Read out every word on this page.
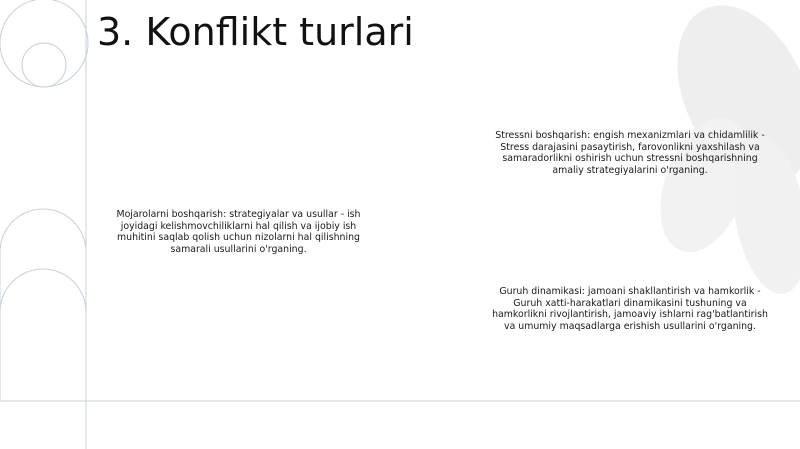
3. Konflikt turlari

Stressni boshqarish: engish mexanizmlari va chidamlilik - Stress darajasini pasaytirish, farovonlikni yaxshilash va samaradorlikni oshirish uchun stressni boshqarishning amaliy strategiyalarini o'rganing.

Mojarolarni boshqarish: strategiyalar va usullar - ish joyidagi kelishmovchiliklarni hal qilish va ijobiy ish muhitini saqlab qolish uchun nizolarni hal qilishning samarali usullarini o'rganing.

Guruh dinamikasi: jamoani shakllantirish va hamkorlik - Guruh xatti-harakatlari dinamikasini tushuning va hamkorlikni rivojlantirish, jamoaviy ishlarni rag'batlantirish va umumiy maqsadlarga erishish usullarini o'rganing.
